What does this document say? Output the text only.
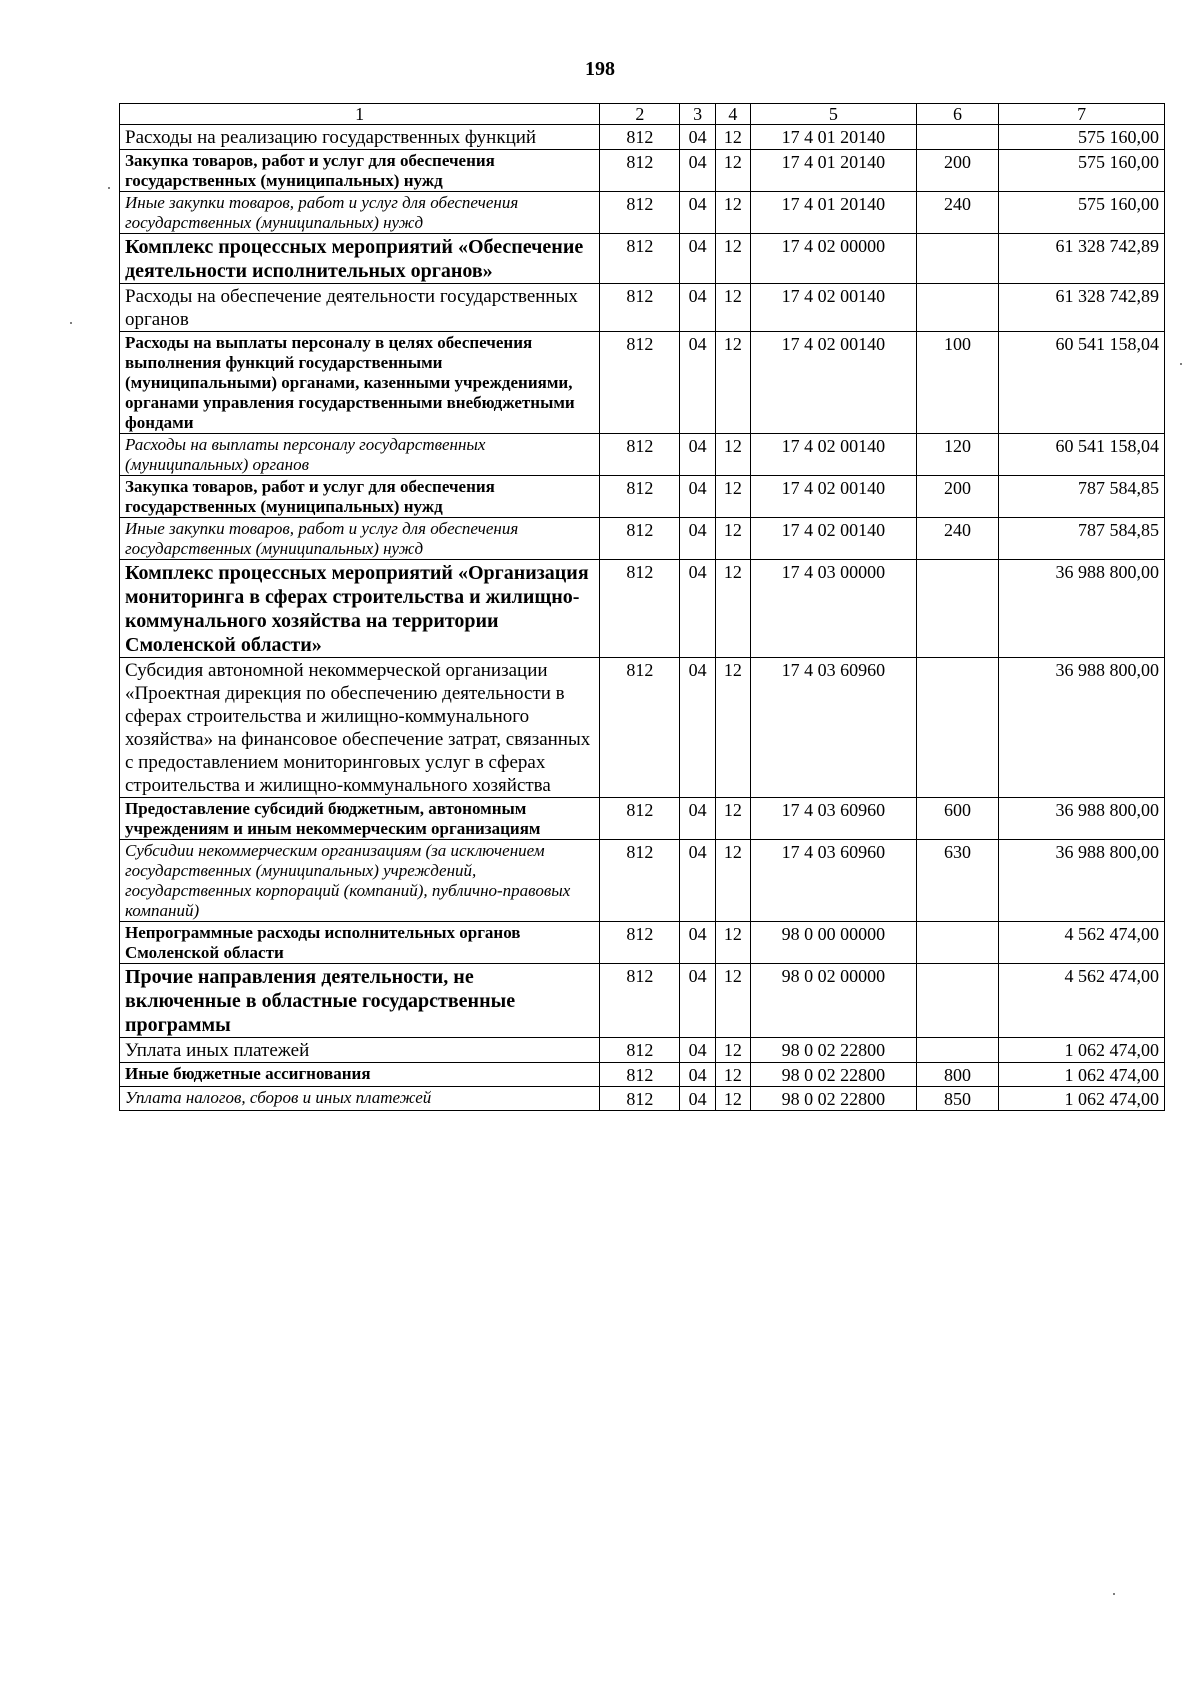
198
1	2	3	4	5	6	7
Расходы на реализацию государственных функций	812	04	12	17 4 01 20140		575 160,00
Закупка товаров, работ и услуг для обеспечения государственных (муниципальных) нужд	812	04	12	17 4 01 20140	200	575 160,00
Иные закупки товаров, работ и услуг для обеспечения государственных (муниципальных) нужд	812	04	12	17 4 01 20140	240	575 160,00
Комплекс процессных мероприятий «Обеспечение деятельности исполнительных органов»	812	04	12	17 4 02 00000		61 328 742,89
Расходы на обеспечение деятельности государственных органов	812	04	12	17 4 02 00140		61 328 742,89
Расходы на выплаты персоналу в целях обеспечения выполнения функций государственными (муниципальными) органами, казенными учреждениями, органами управления государственными внебюджетными фондами	812	04	12	17 4 02 00140	100	60 541 158,04
Расходы на выплаты персоналу государственных (муниципальных) органов	812	04	12	17 4 02 00140	120	60 541 158,04
Закупка товаров, работ и услуг для обеспечения государственных (муниципальных) нужд	812	04	12	17 4 02 00140	200	787 584,85
Иные закупки товаров, работ и услуг для обеспечения государственных (муниципальных) нужд	812	04	12	17 4 02 00140	240	787 584,85
Комплекс процессных мероприятий «Организация мониторинга в сферах строительства и жилищно-коммунального хозяйства на территории Смоленской области»	812	04	12	17 4 03 00000		36 988 800,00
Субсидия автономной некоммерческой организации «Проектная дирекция по обеспечению деятельности в сферах строительства и жилищно-коммунального хозяйства» на финансовое обеспечение затрат, связанных с предоставлением мониторинговых услуг в сферах строительства и жилищно-коммунального хозяйства	812	04	12	17 4 03 60960		36 988 800,00
Предоставление субсидий бюджетным, автономным учреждениям и иным некоммерческим организациям	812	04	12	17 4 03 60960	600	36 988 800,00
Субсидии некоммерческим организациям (за исключением государственных (муниципальных) учреждений, государственных корпораций (компаний), публично-правовых компаний)	812	04	12	17 4 03 60960	630	36 988 800,00
Непрограммные расходы исполнительных органов Смоленской области	812	04	12	98 0 00 00000		4 562 474,00
Прочие направления деятельности, не включенные в областные государственные программы	812	04	12	98 0 02 00000		4 562 474,00
Уплата иных платежей	812	04	12	98 0 02 22800		1 062 474,00
Иные бюджетные ассигнования	812	04	12	98 0 02 22800	800	1 062 474,00
Уплата налогов, сборов и иных платежей	812	04	12	98 0 02 22800	850	1 062 474,00
